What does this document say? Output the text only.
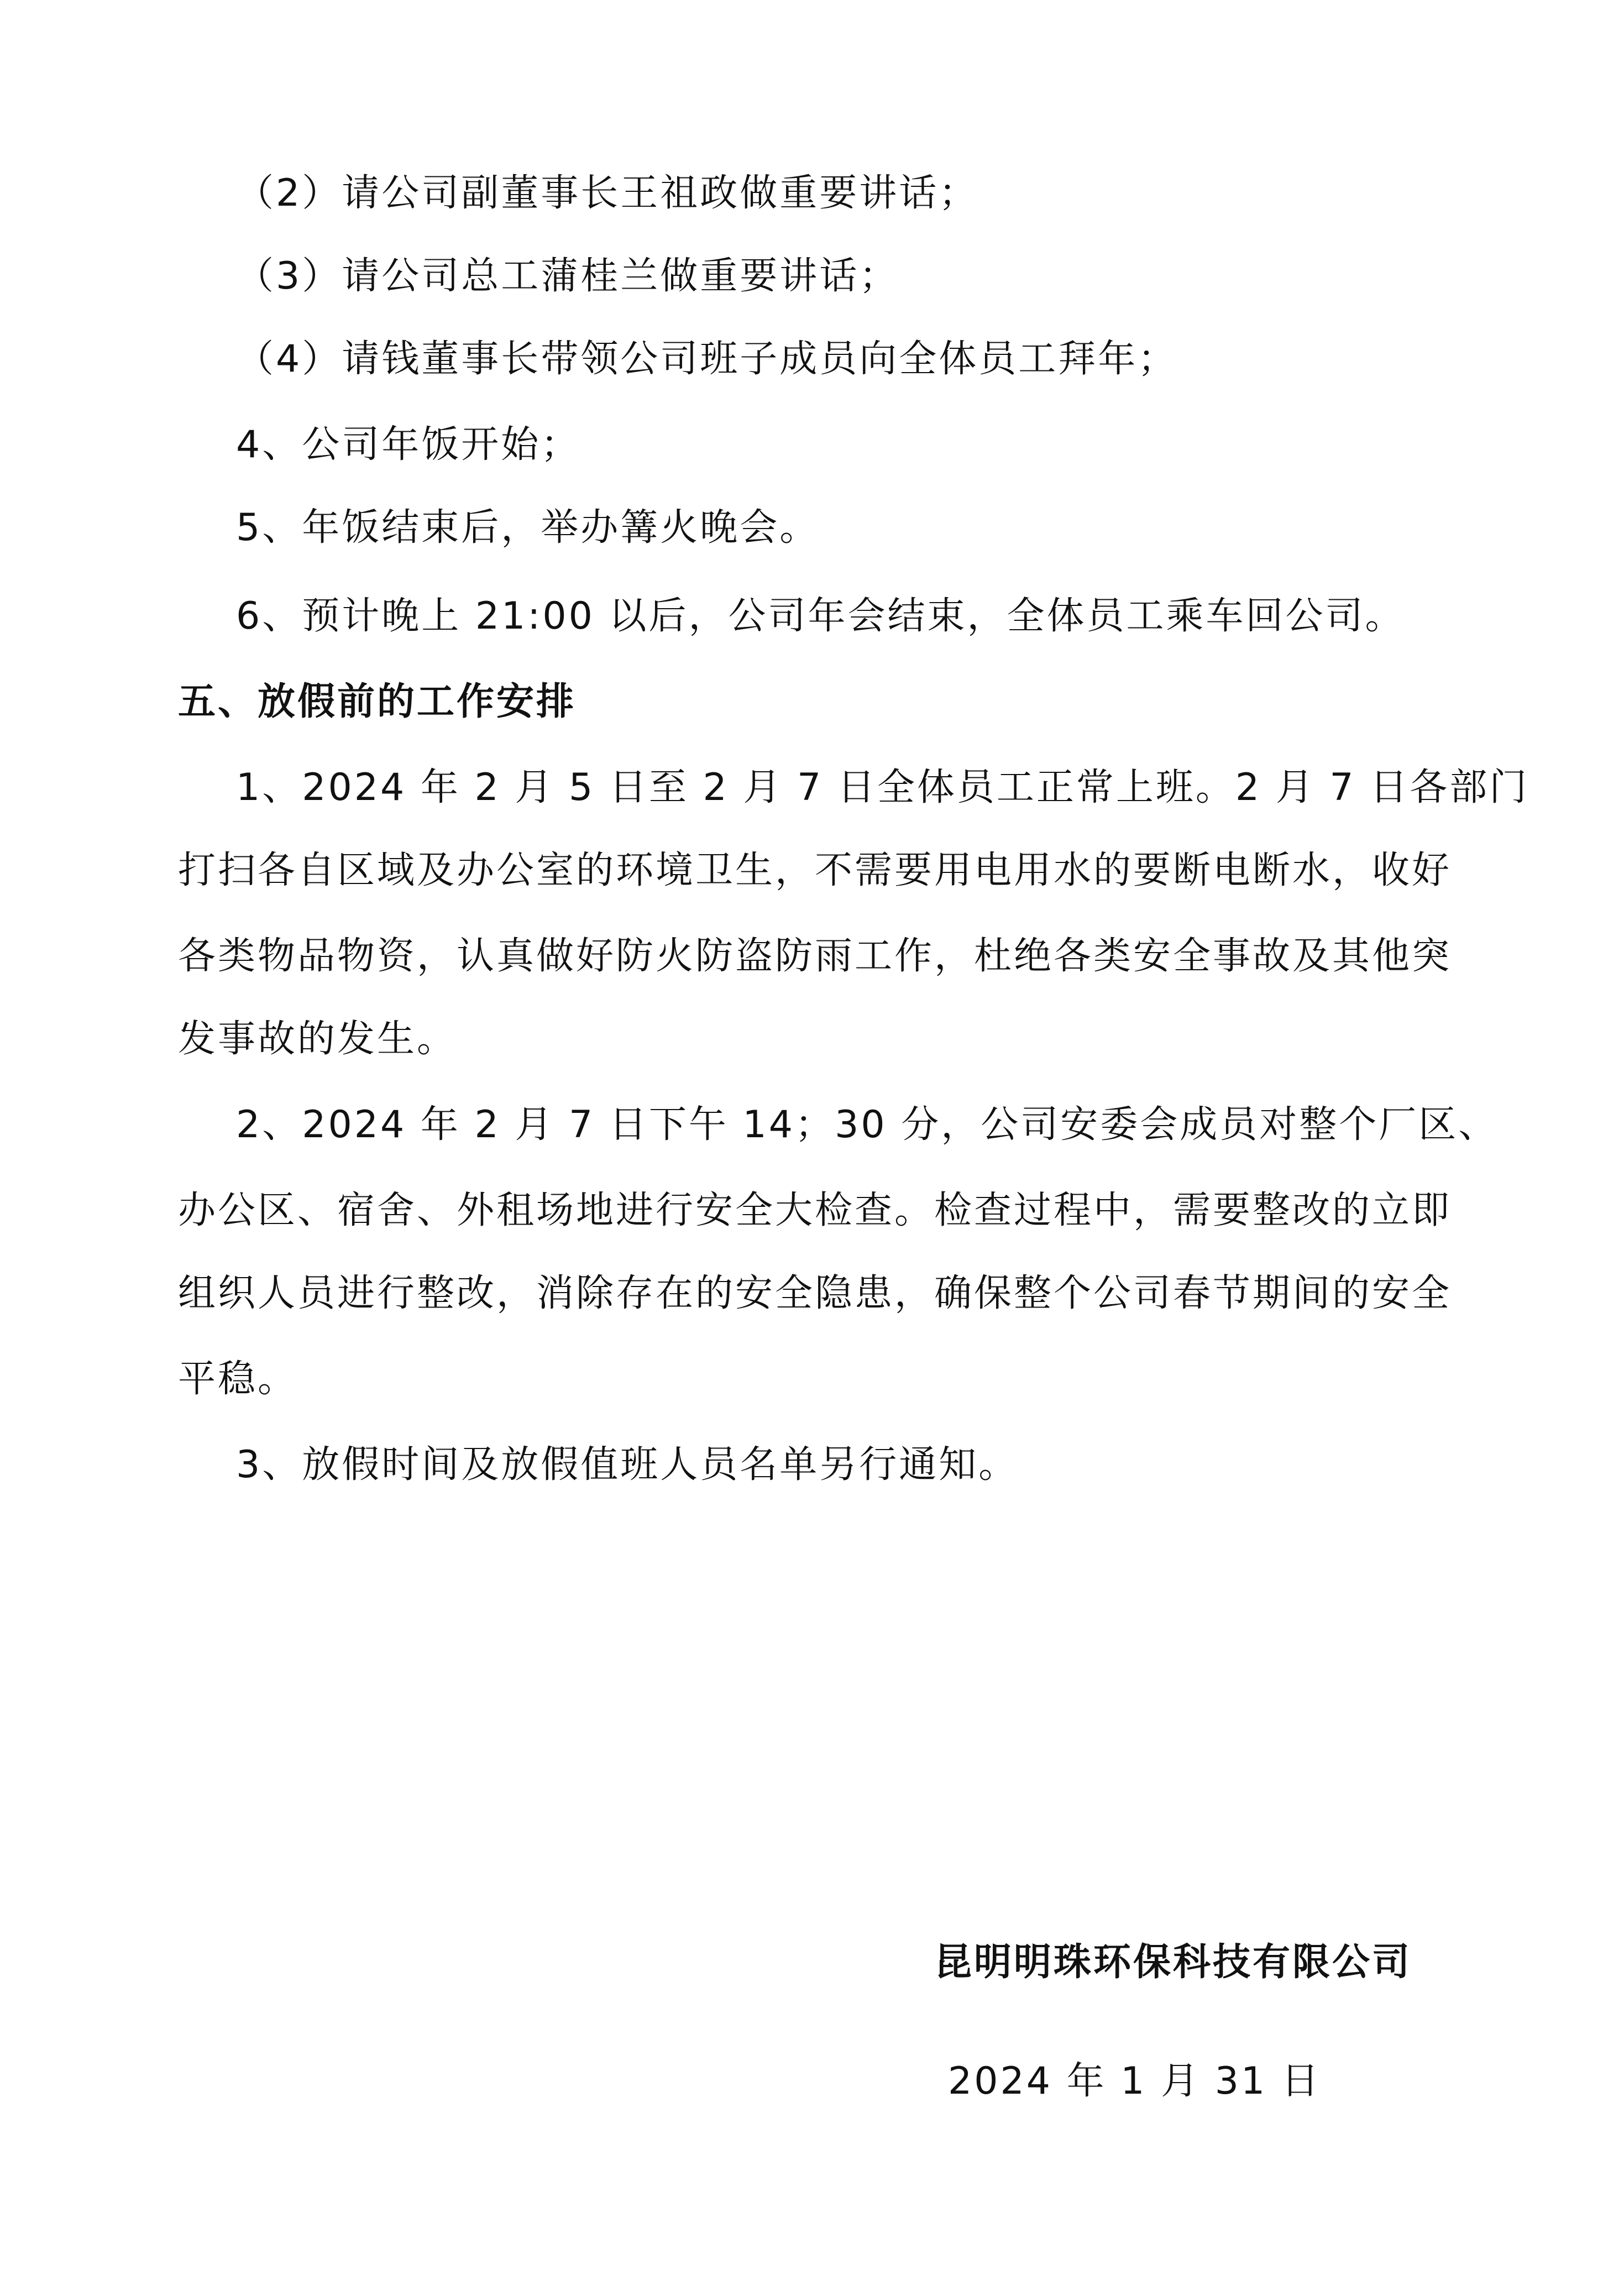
（2）请公司副董事长王祖政做重要讲话；

（3）请公司总工蒲桂兰做重要讲话；

（4）请钱董事长带领公司班子成员向全体员工拜年；

4、公司年饭开始；

5、年饭结束后，举办篝火晚会。

6、预计晚上 21:00 以后，公司年会结束，全体员工乘车回公司。

五、放假前的工作安排

1、2024 年 2 月 5 日至 2 月 7 日全体员工正常上班。2 月 7 日各部门

打扫各自区域及办公室的环境卫生，不需要用电用水的要断电断水，收好

各类物品物资，认真做好防火防盗防雨工作，杜绝各类安全事故及其他突

发事故的发生。

2、2024 年 2 月 7 日下午 14；30 分，公司安委会成员对整个厂区、

办公区、宿舍、外租场地进行安全大检查。检查过程中，需要整改的立即

组织人员进行整改，消除存在的安全隐患，确保整个公司春节期间的安全

平稳。

3、放假时间及放假值班人员名单另行通知。

昆明明珠环保科技有限公司

2024 年 1 月 31 日
